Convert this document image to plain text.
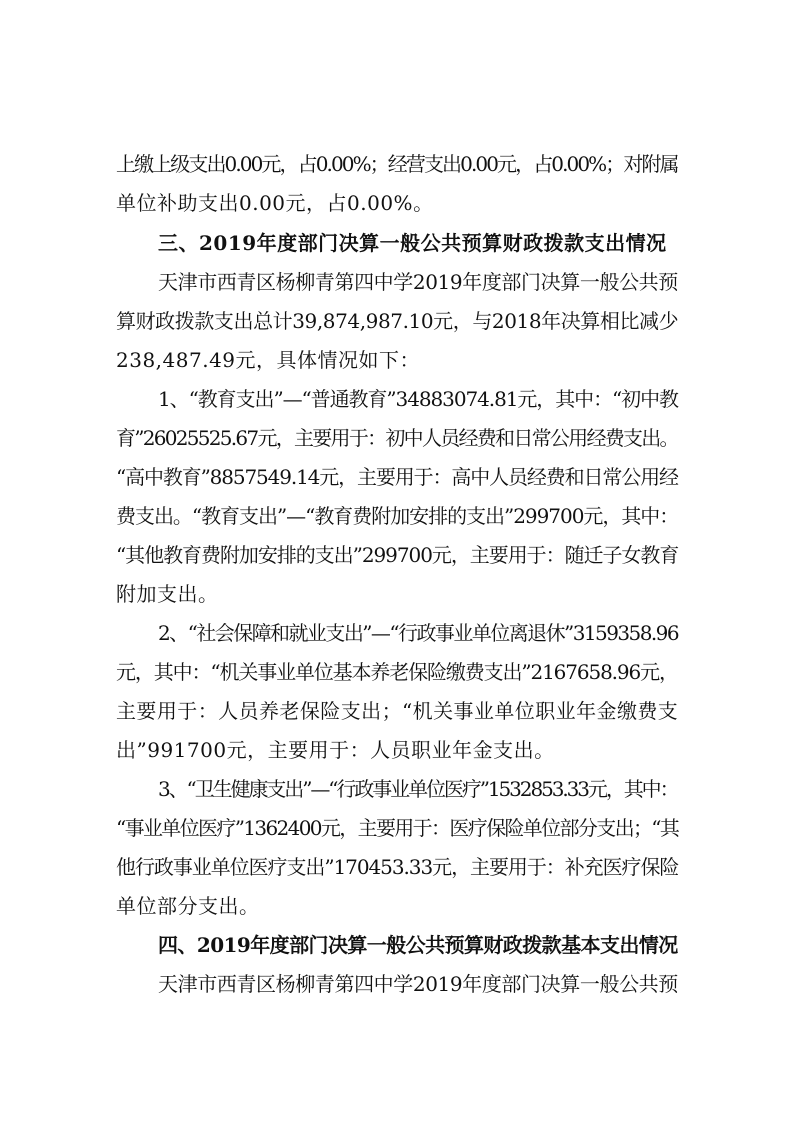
上缴上级支出0.00元，占0.00%；经营支出0.00元，占0.00%；对附属
单位补助支出0.00元，占0.00%。
三、2019年度部门决算一般公共预算财政拨款支出情况
天津市西青区杨柳青第四中学2019年度部门决算一般公共预
算财政拨款支出总计39,874,987.10元，与2018年决算相比减少
238,487.49元，具体情况如下：
1、“教育支出”—“普通教育”34883074.81元，其中：“初中教
育”26025525.67元，主要用于：初中人员经费和日常公用经费支出。
“高中教育”8857549.14元，主要用于：高中人员经费和日常公用经
费支出。“教育支出”—“教育费附加安排的支出”299700元，其中：
“其他教育费附加安排的支出”299700元，主要用于：随迁子女教育
附加支出。
2、“社会保障和就业支出”—“行政事业单位离退休”3159358.96
元，其中：“机关事业单位基本养老保险缴费支出”2167658.96元，
主要用于：人员养老保险支出；“机关事业单位职业年金缴费支
出”991700元，主要用于：人员职业年金支出。
3、“卫生健康支出”—“行政事业单位医疗”1532853.33元，其中：
“事业单位医疗”1362400元，主要用于：医疗保险单位部分支出；“其
他行政事业单位医疗支出”170453.33元，主要用于：补充医疗保险
单位部分支出。
四、2019年度部门决算一般公共预算财政拨款基本支出情况
天津市西青区杨柳青第四中学2019年度部门决算一般公共预
